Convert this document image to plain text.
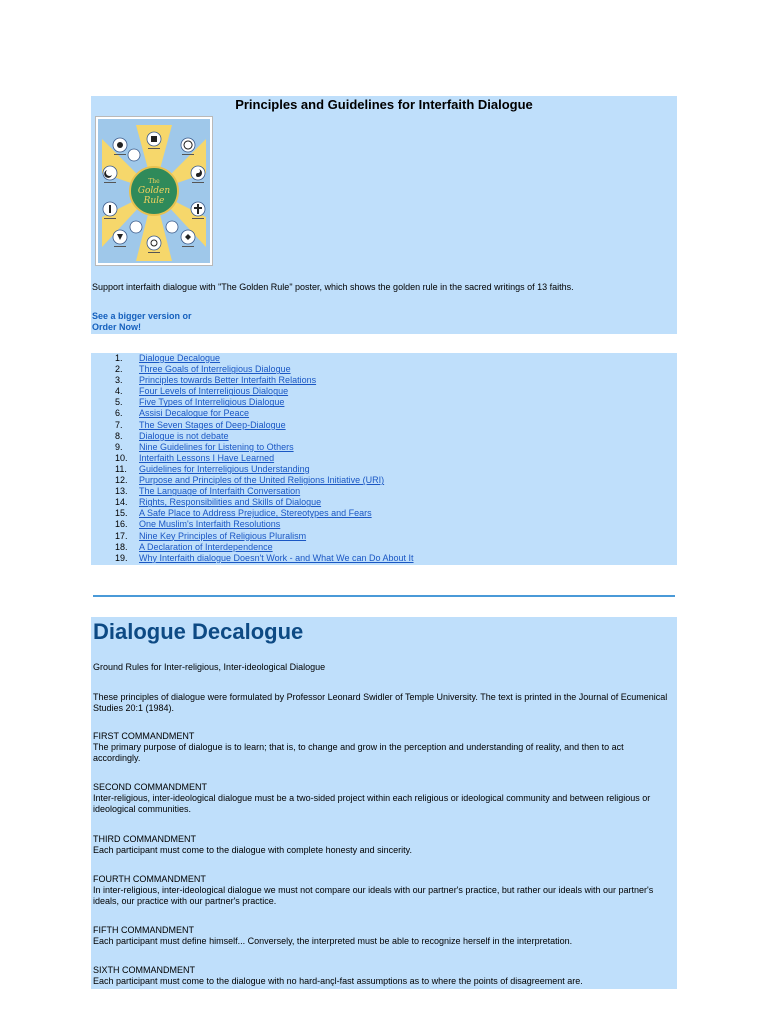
Principles and Guidelines for Interfaith Dialogue
The
Golden
Rule
Support interfaith dialogue with "The Golden Rule" poster, which shows the golden rule in the sacred writings of 13 faiths.
See a bigger version or
Order Now!
1. Dialogue Decalogue
2. Three Goals of Interreligious Dialogue
3. Principles towards Better Interfaith Relations
4. Four Levels of Interreligious Dialogue
5. Five Types of Interreligious Dialogue
6. Assisi Decalogue for Peace
7. The Seven Stages of Deep-Dialogue
8. Dialogue is not debate
9. Nine Guidelines for Listening to Others
10. Interfaith Lessons I Have Learned
11. Guidelines for Interreligious Understanding
12. Purpose and Principles of the United Religions Initiative (URI)
13. The Language of Interfaith Conversation
14. Rights, Responsibilities and Skills of Dialogue
15. A Safe Place to Address Prejudice, Stereotypes and Fears
16. One Muslim's Interfaith Resolutions
17. Nine Key Principles of Religious Pluralism
18. A Declaration of Interdependence
19. Why Interfaith dialogue Doesn't Work - and What We can Do About It
Dialogue Decalogue
Ground Rules for Inter-religious, Inter-ideological Dialogue
These principles of dialogue were formulated by Professor Leonard Swidler of Temple University. The text is printed in the Journal of Ecumenical Studies 20:1 (1984).
FIRST COMMANDMENT
The primary purpose of dialogue is to learn; that is, to change and grow in the perception and understanding of reality, and then to act accordingly.
SECOND COMMANDMENT
Inter-religious, inter-ideological dialogue must be a two-sided project within each religious or ideological community and between religious or ideological communities.
THIRD COMMANDMENT
Each participant must come to the dialogue with complete honesty and sincerity.
FOURTH COMMANDMENT
In inter-religious, inter-ideological dialogue we must not compare our ideals with our partner's practice, but rather our ideals with our partner's ideals, our practice with our partner's practice.
FIFTH COMMANDMENT
Each participant must define himself... Conversely, the interpreted must be able to recognize herself in the interpretation.
SIXTH COMMANDMENT
Each participant must come to the dialogue with no hard-ançl-fast assumptions as to where the points of disagreement are.
